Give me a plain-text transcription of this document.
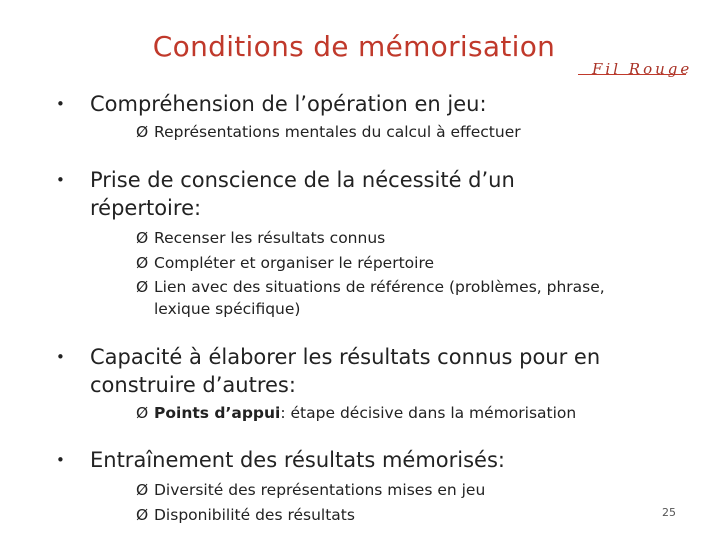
Conditions de mémorisation
Fil Rouge
• Compréhension de l’opération en jeu:
Ø Représentations mentales du calcul à effectuer
• Prise de conscience de la nécessité d’un répertoire:
Ø Recenser les résultats connus
Ø Compléter et organiser le répertoire
Ø Lien avec des situations de référence (problèmes, phrase, lexique spécifique)
• Capacité à élaborer les résultats connus pour en construire d’autres:
Ø Points d’appui: étape décisive dans la mémorisation
• Entraînement des résultats mémorisés:
Ø Diversité des représentations mises en jeu
Ø Disponibilité des résultats	25
